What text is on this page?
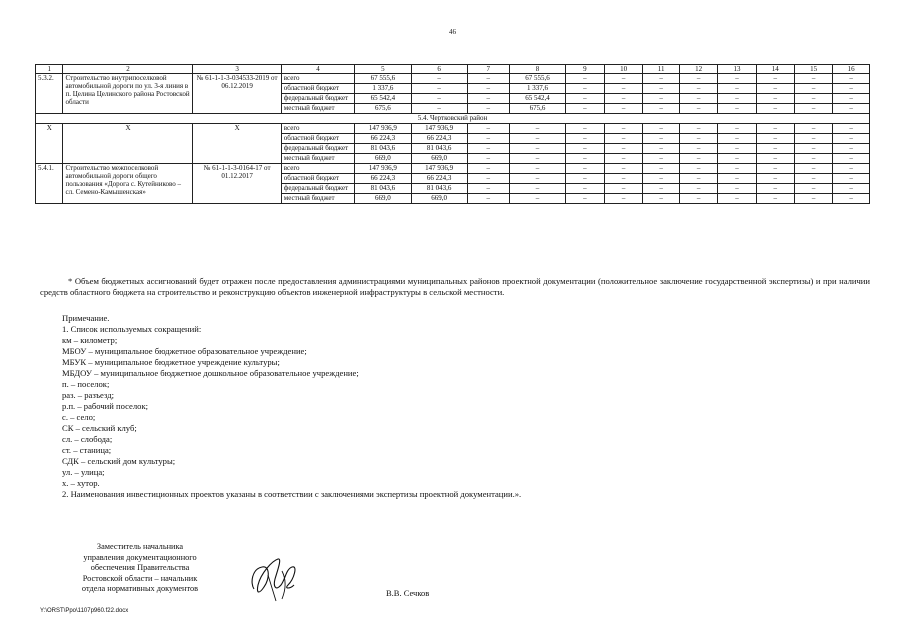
46
1	2	3	4	5	6	7	8	9	10	11	12	13	14	15	16
5.3.2.	Строительство внутрипоселковой автомобильной дороги по ул. 3-я линия в п. Целина Целинского района Ростовской области	№ 61-1-1-3-034533-2019 от 06.12.2019	всего	67 555,6	–	–	67 555,6	–	–	–	–	–	–	–	–
			областной бюджет	1 337,6	–	–	1 337,6	–	–	–	–	–	–	–	–
			федеральный бюджет	65 542,4	–	–	65 542,4	–	–	–	–	–	–	–	–
			местный бюджет	675,6	–	–	675,6	–	–	–	–	–	–	–	–
5.4. Чертковский район															
Х	Х	Х	всего	147 936,9	147 936,9	–	–	–	–	–	–	–	–	–	–
			областной бюджет	66 224,3	66 224,3	–	–	–	–	–	–	–	–	–	–
			федеральный бюджет	81 043,6	81 043,6	–	–	–	–	–	–	–	–	–	–
			местный бюджет	669,0	669,0	–	–	–	–	–	–	–	–	–	–
5.4.1.	Строительство межпоселковой автомобильной дороги общего пользования «Дорога с. Кутейниково – сл. Семено-Камышенская»	№ 61-1-1-3-0164-17 от 01.12.2017	всего	147 936,9	147 936,9	–	–	–	–	–	–	–	–	–	–
			областной бюджет	66 224,3	66 224,3	–	–	–	–	–	–	–	–	–	–
			федеральный бюджет	81 043,6	81 043,6	–	–	–	–	–	–	–	–	–	–
			местный бюджет	669,0	669,0	–	–	–	–	–	–	–	–	–	–
* Объем бюджетных ассигнований будет отражен после предоставления администрациями муниципальных районов проектной документации (положительное заключение государственной экспертизы) и при наличии средств областного бюджета на строительство и реконструкцию объектов инженерной инфраструктуры в сельской местности.
Примечание.
1. Список используемых сокращений:
км – километр;
МБОУ – муниципальное бюджетное образовательное учреждение;
МБУК – муниципальное бюджетное учреждение культуры;
МБДОУ – муниципальное бюджетное дошкольное образовательное учреждение;
п. – поселок;
раз. – разъезд;
р.п. – рабочий поселок;
с. – село;
СК – сельский клуб;
сл. – слобода;
ст. – станица;
СДК – сельский дом культуры;
ул. – улица;
х. – хутор.
2. Наименования инвестиционных проектов указаны в соответствии с заключениями экспертизы проектной документации.».
Заместитель начальника
управления документационного
обеспечения Правительства
Ростовской области – начальник
отдела нормативных документов	В.В. Сечков
Y:\ORST\Ppo\1107p960.f22.docx
